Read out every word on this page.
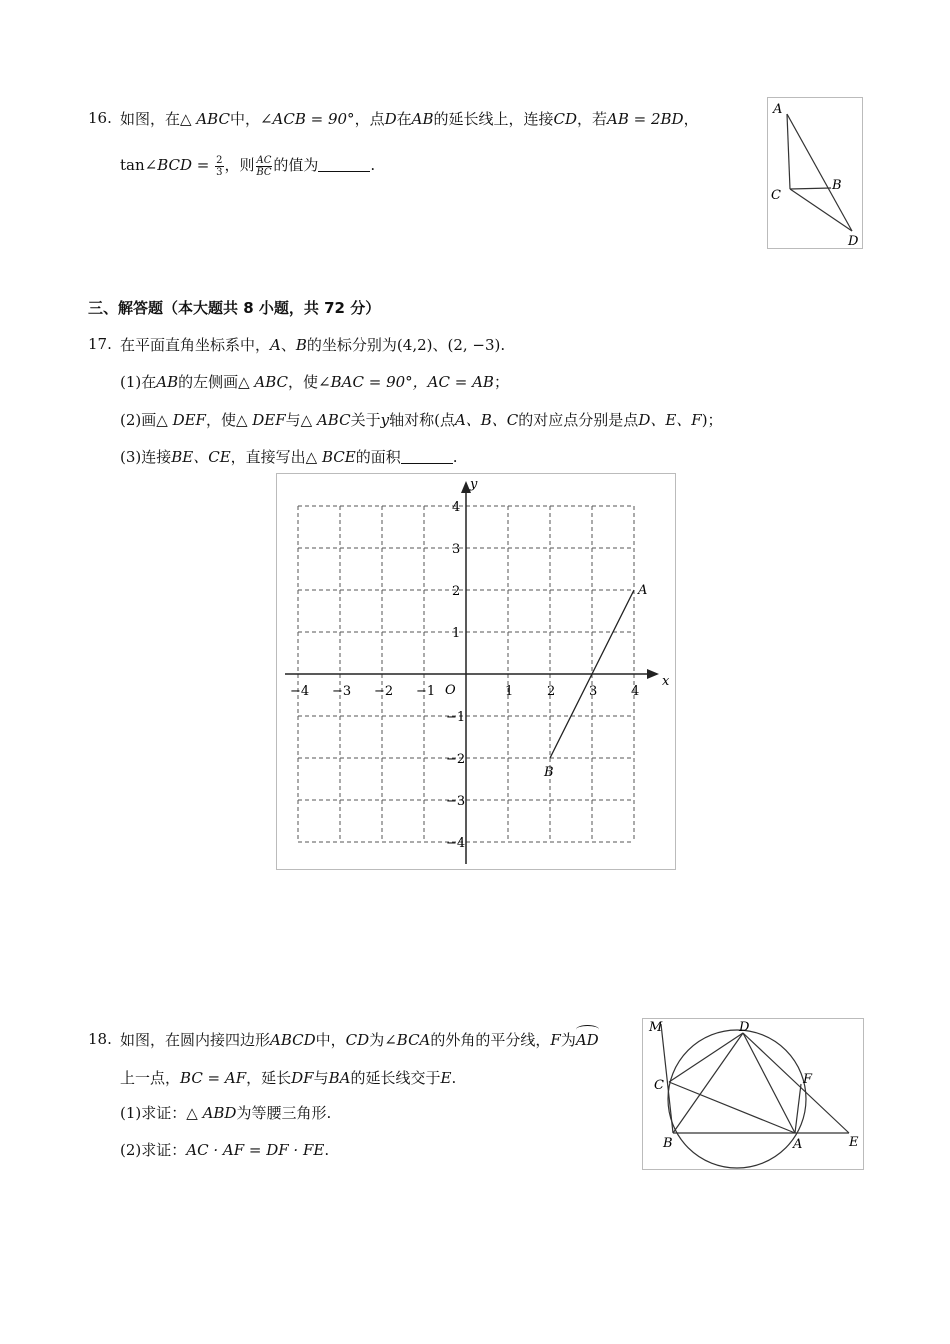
16. 如图，在△ ABC中，∠ACB = 90°，点D在AB的延长线上，连接CD，若AB = 2BD，
tan∠BCD = $\frac{2}{3}$ ，则 $\frac{AC}{BC}$ 的值为	.
A
B
C
D
三、解答题（本大题共 8 小题，共 72 分）
17. 在平面直角坐标系中，A、B的坐标分别为(4,2)、(2, −3).
(1)在AB的左侧画△ ABC，使∠BAC = 90°，AC = AB；
(2)画△ DEF，使△ DEF与△ ABC关于y轴对称(点A、B、C的对应点分别是点D、E、F)；
(3)连接BE、CE，直接写出△ BCE的面积	.
x
y
O
−4 −3 −2 −1	1	2	3	4
4
3
2
1
−1
−2
−3
−4
A
B
18. 如图，在圆内接四边形ABCD中，CD为∠BCA的外角的平分线，F为AD
上一点，BC = AF，延长DF与BA的延长线交于E.
(1)求证：△ ABD为等腰三角形.
(2)求证：AC · AF = DF · FE.
M	D
C	F
B	A	E
